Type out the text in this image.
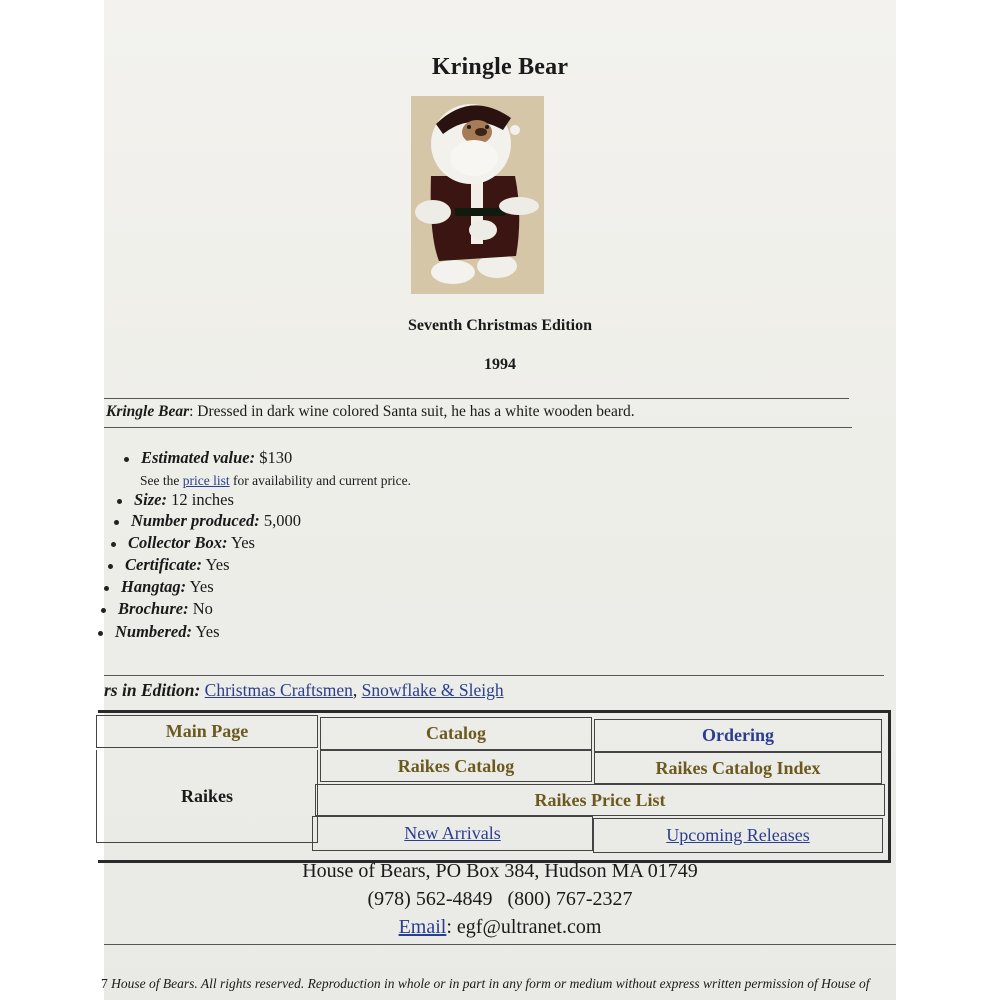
Kringle Bear
Seventh Christmas Edition
1994
Kringle Bear: Dressed in dark wine colored Santa suit, he has a white wooden beard.
Estimated value: $130
Size: 12 inches
Number produced: 5,000
Collector Box: Yes
Certificate: Yes
Hangtag: Yes
Brochure: No
Numbered: Yes
See the price list for availability and current price.
rs in Edition: Christmas Craftsmen, Snowflake & Sleigh
Main Page	Catalog	Ordering
Raikes
Raikes Catalog	Raikes Catalog Index
Raikes Price List
New Arrivals	Upcoming Releases
House of Bears, PO Box 384, Hudson MA 01749
(978) 562-4849   (800) 767-2327
Email: egf@ultranet.com
7 House of Bears. All rights reserved. Reproduction in whole or in part in any form or medium without express written permission of House of
